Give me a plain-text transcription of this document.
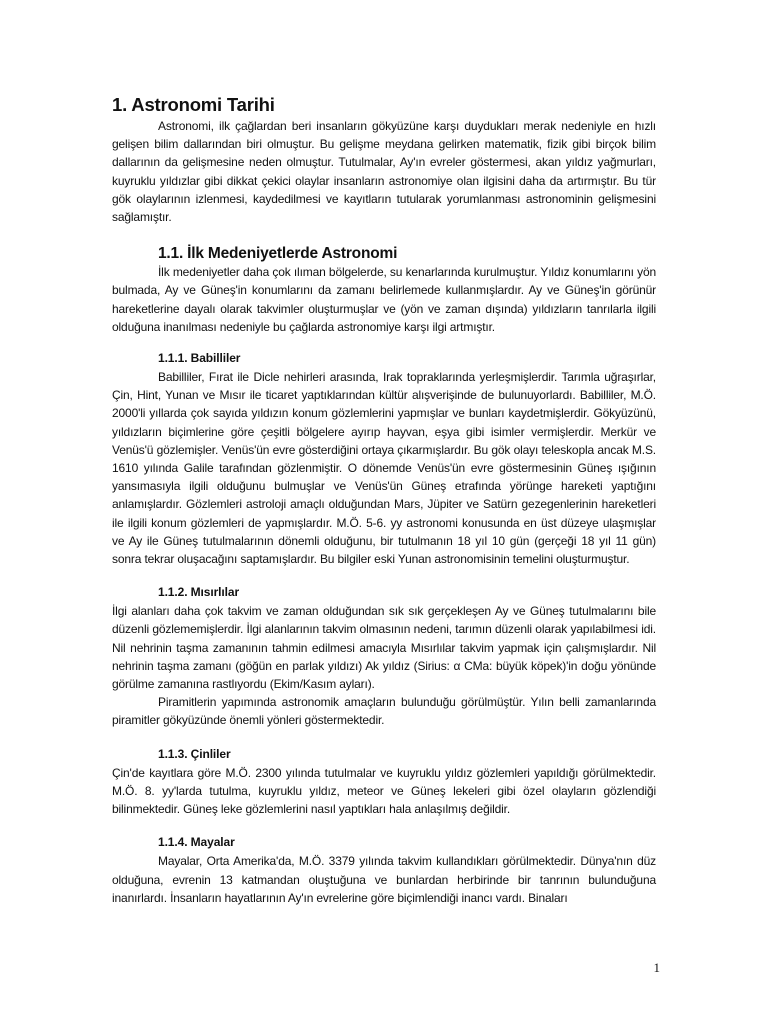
1. Astronomi Tarihi

Astronomi, ilk çağlardan beri insanların gökyüzüne karşı duydukları merak nedeniyle en hızlı gelişen bilim dallarından biri olmuştur. Bu gelişme meydana gelirken matematik, fizik gibi birçok bilim dallarının da gelişmesine neden olmuştur. Tutulmalar, Ay'ın evreler göstermesi, akan yıldız yağmurları, kuyruklu yıldızlar gibi dikkat çekici olaylar insanların astronomiye olan ilgisini daha da artırmıştır. Bu tür gök olaylarının izlenmesi, kaydedilmesi ve kayıtların tutularak yorumlanması astronominin gelişmesini sağlamıştır.

1.1. İlk Medeniyetlerde Astronomi

İlk medeniyetler daha çok ılıman bölgelerde, su kenarlarında kurulmuştur. Yıldız konumlarını yön bulmada, Ay ve Güneş'in konumlarını da zamanı belirlemede kullanmışlardır. Ay ve Güneş'in görünür hareketlerine dayalı olarak takvimler oluşturmuşlar ve (yön ve zaman dışında) yıldızların tanrılarla ilgili olduğuna inanılması nedeniyle bu çağlarda astronomiye karşı ilgi artmıştır.

1.1.1. Babilliler

Babilliler, Fırat ile Dicle nehirleri arasında, Irak topraklarında yerleşmişlerdir. Tarımla uğraşırlar, Çin, Hint, Yunan ve Mısır ile ticaret yaptıklarından kültür alışverişinde de bulunuyorlardı. Babilliler, M.Ö. 2000'li yıllarda çok sayıda yıldızın konum gözlemlerini yapmışlar ve bunları kaydetmişlerdir. Gökyüzünü, yıldızların biçimlerine göre çeşitli bölgelere ayırıp hayvan, eşya gibi isimler vermişlerdir. Merkür ve Venüs'ü gözlemişler. Venüs'ün evre gösterdiğini ortaya çıkarmışlardır. Bu gök olayı teleskopla ancak M.S. 1610 yılında Galile tarafından gözlenmiştir. O dönemde Venüs'ün evre göstermesinin Güneş ışığının yansımasıyla ilgili olduğunu bulmuşlar ve Venüs'ün Güneş etrafında yörünge hareketi yaptığını anlamışlardır. Gözlemleri astroloji amaçlı olduğundan Mars, Jüpiter ve Satürn gezegenlerinin hareketleri ile ilgili konum gözlemleri de yapmışlardır. M.Ö. 5-6. yy astronomi konusunda en üst düzeye ulaşmışlar ve Ay ile Güneş tutulmalarının dönemli olduğunu, bir tutulmanın 18 yıl 10 gün (gerçeği 18 yıl 11 gün) sonra tekrar oluşacağını saptamışlardır. Bu bilgiler eski Yunan astronomisinin temelini oluşturmuştur.

1.1.2. Mısırlılar

İlgi alanları daha çok takvim ve zaman olduğundan sık sık gerçekleşen Ay ve Güneş tutulmalarını bile düzenli gözlememişlerdir. İlgi alanlarının takvim olmasının nedeni, tarımın düzenli olarak yapılabilmesi idi. Nil nehrinin taşma zamanının tahmin edilmesi amacıyla Mısırlılar takvim yapmak için çalışmışlardır. Nil nehrinin taşma zamanı (göğün en parlak yıldızı) Ak yıldız (Sirius: α CMa: büyük köpek)'in doğu yönünde görülme zamanına rastlıyordu (Ekim/Kasım ayları).

Piramitlerin yapımında astronomik amaçların bulunduğu görülmüştür. Yılın belli zamanlarında piramitler gökyüzünde önemli yönleri göstermektedir.

1.1.3. Çinliler

Çin'de kayıtlara göre M.Ö. 2300 yılında tutulmalar ve kuyruklu yıldız gözlemleri yapıldığı görülmektedir. M.Ö. 8. yy'larda tutulma, kuyruklu yıldız, meteor ve Güneş lekeleri gibi özel olayların gözlendiği bilinmektedir. Güneş leke gözlemlerini nasıl yaptıkları hala anlaşılmış değildir.

1.1.4. Mayalar

Mayalar, Orta Amerika'da, M.Ö. 3379 yılında takvim kullandıkları görülmektedir. Dünya'nın düz olduğuna, evrenin 13 katmandan oluştuğuna ve bunlardan herbirinde bir tanrının bulunduğuna inanırlardı. İnsanların hayatlarının Ay'ın evrelerine göre biçimlendiği inancı vardı. Binaları

1
